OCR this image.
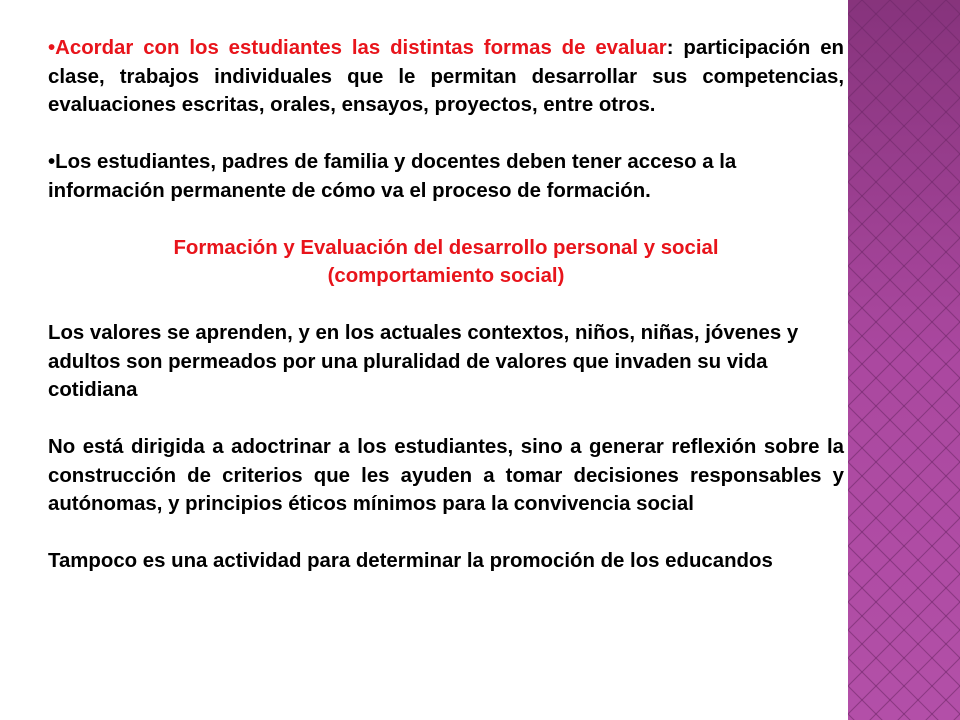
•Acordar con los estudiantes las distintas formas de evaluar: participación en clase, trabajos individuales que le permitan desarrollar sus competencias, evaluaciones escritas, orales, ensayos, proyectos, entre otros.

•Los estudiantes, padres de familia y docentes deben tener acceso a la información permanente de cómo va el proceso de formación.

Formación y Evaluación del desarrollo personal y social
(comportamiento social)

Los valores se aprenden, y en los actuales contextos, niños, niñas, jóvenes y adultos son permeados por una pluralidad de valores que invaden su vida cotidiana

No está dirigida a adoctrinar a los estudiantes, sino a generar reflexión sobre la construcción de criterios que les ayuden a tomar decisiones responsables y autónomas, y principios éticos mínimos para la convivencia social

Tampoco es una actividad para determinar la promoción de los educandos
